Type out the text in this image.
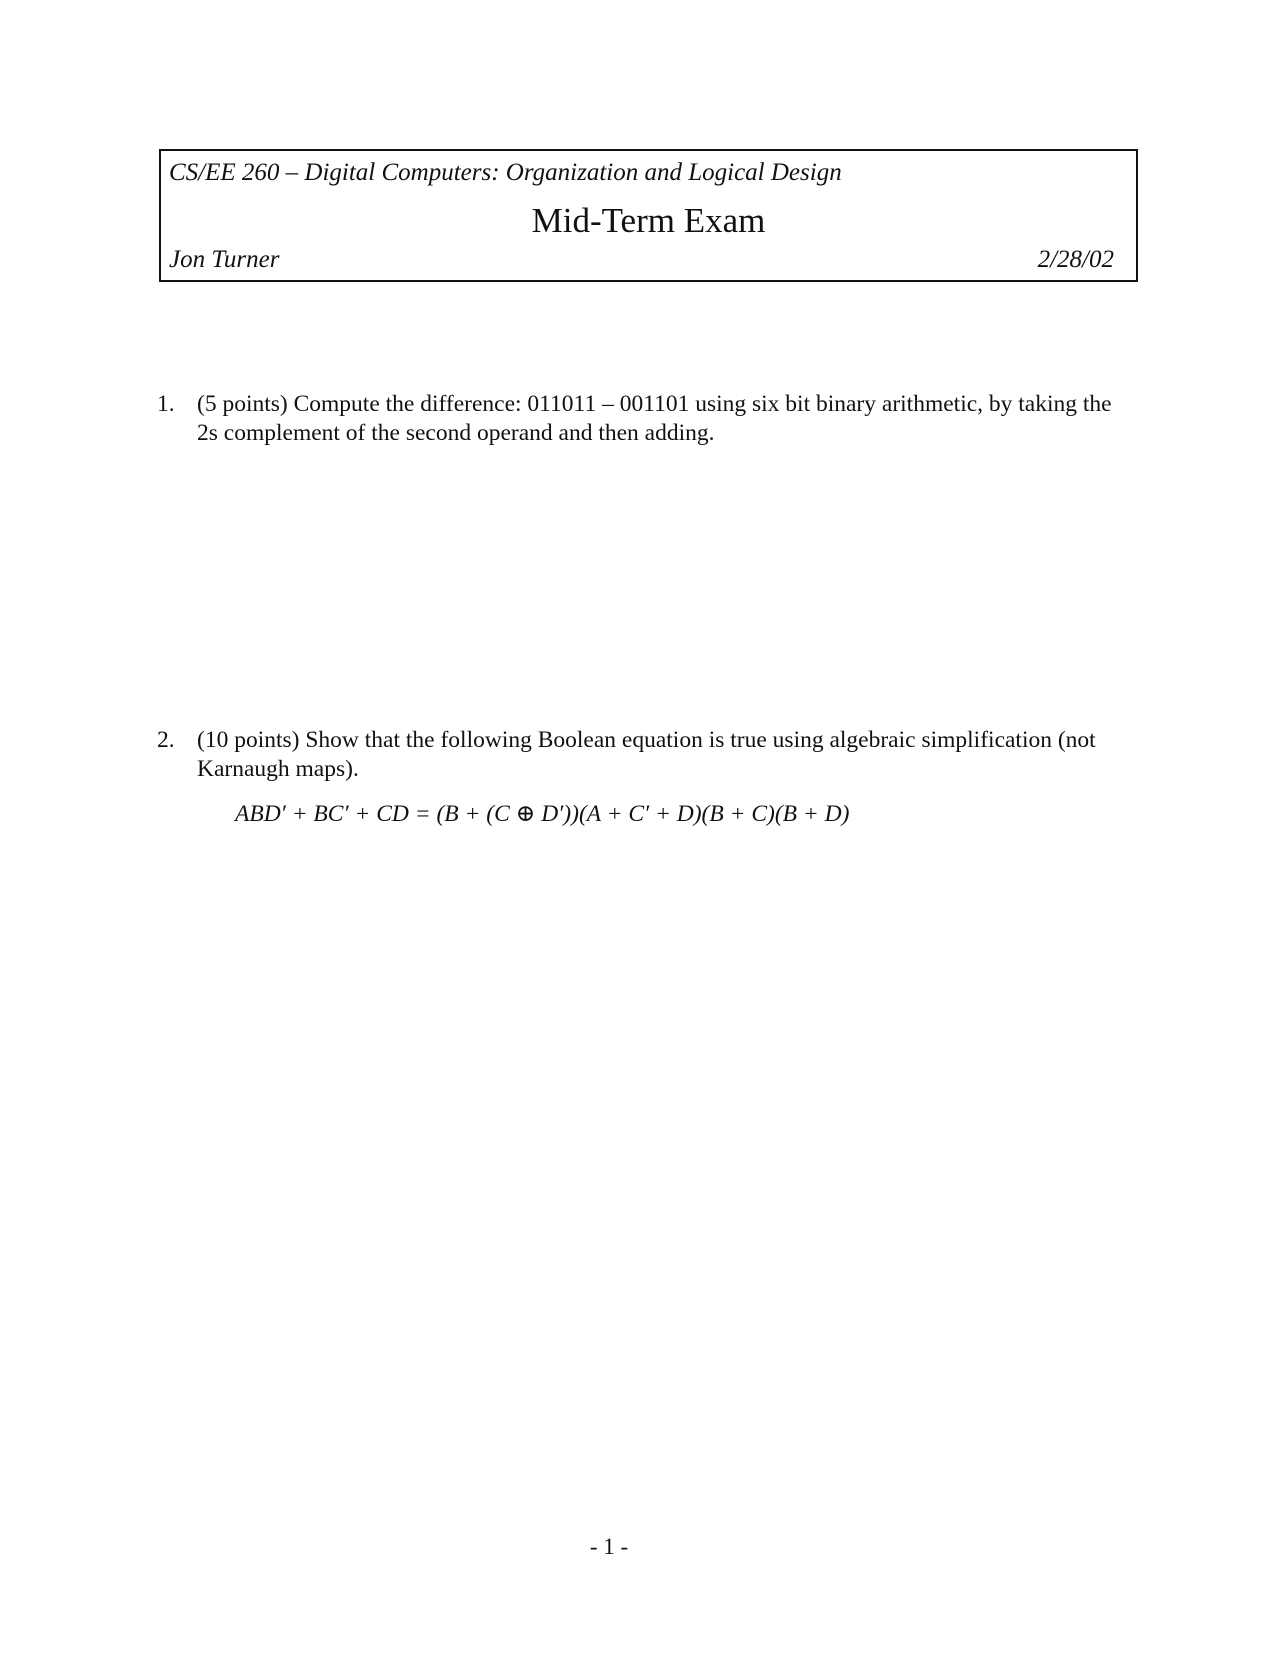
CS/EE 260 – Digital Computers: Organization and Logical Design
Mid-Term Exam
Jon Turner	2/28/02
1. (5 points) Compute the difference: 011011 – 001101 using six bit binary arithmetic, by taking the 2s complement of the second operand and then adding.
2. (10 points) Show that the following Boolean equation is true using algebraic simplification (not Karnaugh maps).
ABD′ + BC′ + CD = (B + (C ⊕ D′))(A + C′ + D)(B + C)(B + D)
- 1 -
